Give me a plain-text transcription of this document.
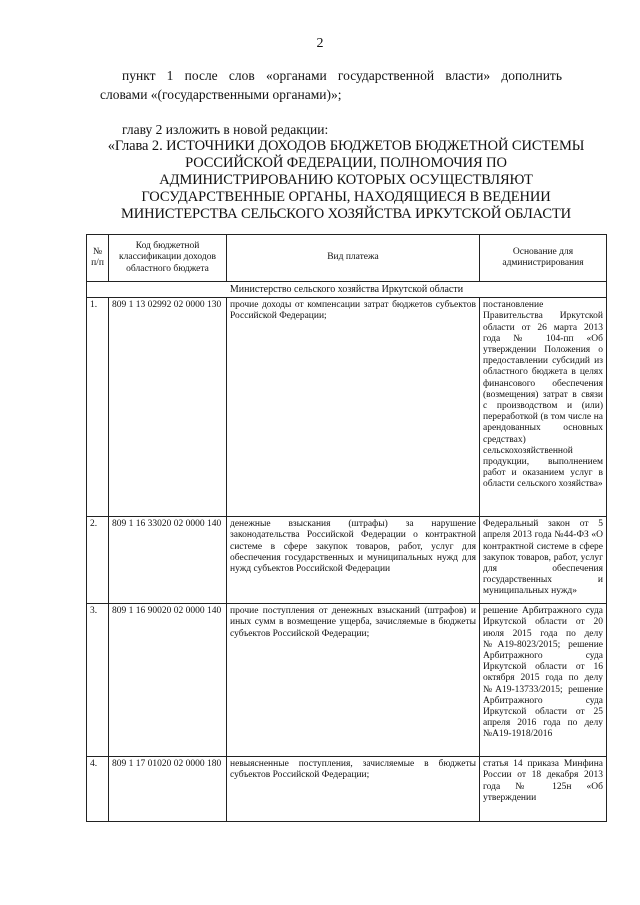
2
пункт 1 после слов «органами государственной власти» дополнить
словами «(государственными органами)»;
главу 2 изложить в новой редакции:
«Глава 2. ИСТОЧНИКИ ДОХОДОВ БЮДЖЕТОВ БЮДЖЕТНОЙ СИСТЕМЫ РОССИЙСКОЙ ФЕДЕРАЦИИ, ПОЛНОМОЧИЯ ПО АДМИНИСТРИРОВАНИЮ КОТОРЫХ ОСУЩЕСТВЛЯЮТ ГОСУДАРСТВЕННЫЕ ОРГАНЫ, НАХОДЯЩИЕСЯ В ВЕДЕНИИ МИНИСТЕРСТВА СЕЛЬСКОГО ХОЗЯЙСТВА ИРКУТСКОЙ ОБЛАСТИ
№ п/п	Код бюджетной классификации доходов областного бюджета	Вид платежа	Основание для администрирования
Министерство сельского хозяйства Иркутской области			
1.	809 1 13 02992 02 0000 130	прочие доходы от компенсации затрат бюджетов субъектов Российской Федерации;	постановление Правительства Иркутской области от 26 марта 2013 года № 104-пп «Об утверждении Положения о предоставлении субсидий из областного бюджета в целях финансового обеспечения (возмещения) затрат в связи с производством и (или) переработкой (в том числе на арендованных основных средствах) сельскохозяйственной продукции, выполнением работ и оказанием услуг в области сельского хозяйства»
2.	809 1 16 33020 02 0000 140	денежные взыскания (штрафы) за нарушение законодательства Российской Федерации о контрактной системе в сфере закупок товаров, работ, услуг для обеспечения государственных и муниципальных нужд для нужд субъектов Российской Федерации	Федеральный закон от 5 апреля 2013 года №44-ФЗ «О контрактной системе в сфере закупок товаров, работ, услуг для обеспечения государственных и муниципальных нужд»
3.	809 1 16 90020 02 0000 140	прочие поступления от денежных взысканий (штрафов) и иных сумм в возмещение ущерба, зачисляемые в бюджеты субъектов Российской Федерации;	решение Арбитражного суда Иркутской области от 20 июля 2015 года по делу №А19-8023/2015; решение Арбитражного суда Иркутской области от 16 октября 2015 года по делу №А19-13733/2015; решение Арбитражного суда Иркутской области от 25 апреля 2016 года по делу №А19-1918/2016
4.	809 1 17 01020 02 0000 180	невыясненные поступления, зачисляемые в бюджеты субъектов Российской Федерации;	статья 14 приказа Минфина России от 18 декабря 2013 года № 125н «Об утверждении
